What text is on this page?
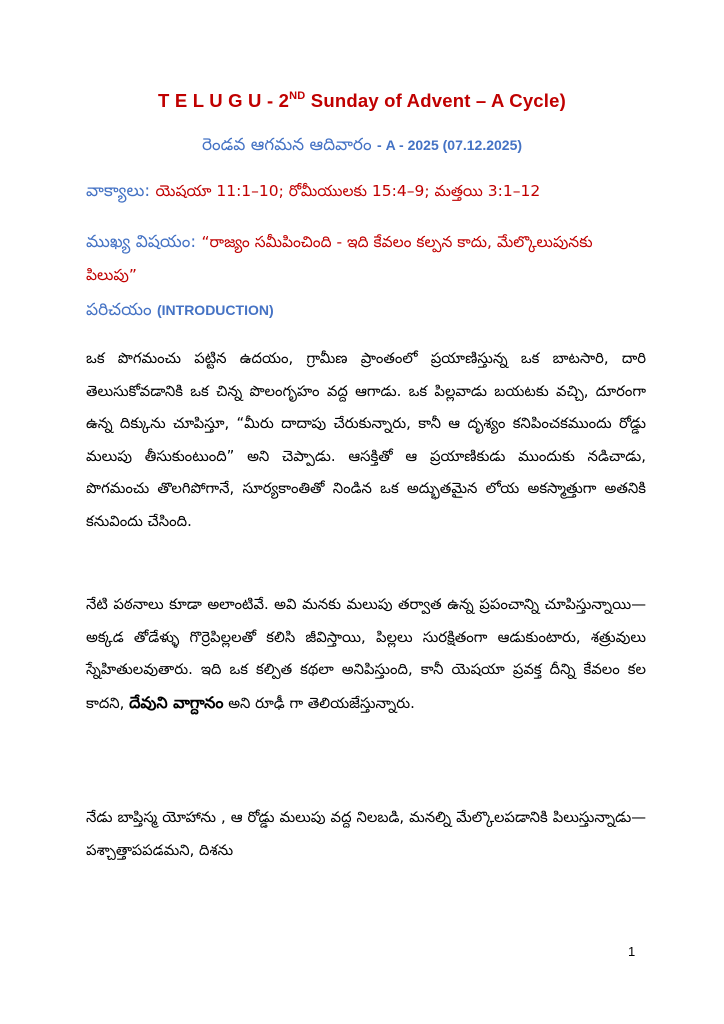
T E L U G U - 2ND Sunday of Advent – A Cycle)
రెండవ ఆగమన ఆదివారం - A - 2025 (07.12.2025)
వాక్యాలు: యెషయా 11:1–10; రోమీయులకు 15:4–9; మత్తయి 3:1–12
ముఖ్య విషయం: “రాజ్యం సమీపించింది - ఇది కేవలం కల్పన కాదు, మేల్కొలుపునకు పిలుపు”
పరిచయం (INTRODUCTION)
ఒక పొగమంచు పట్టిన ఉదయం, గ్రామీణ ప్రాంతంలో ప్రయాణిస్తున్న ఒక బాటసారి, దారి తెలుసుకోవడానికి ఒక చిన్న పొలంగృహం వద్ద ఆగాడు. ఒక పిల్లవాడు బయటకు వచ్చి, దూరంగా ఉన్న దిక్కును చూపిస్తూ, “మీరు దాదాపు చేరుకున్నారు, కానీ ఆ దృశ్యం కనిపించకముందు రోడ్డు మలుపు తీసుకుంటుంది” అని చెప్పాడు. ఆసక్తితో ఆ ప్రయాణికుడు ముందుకు నడిచాడు, పొగమంచు తొలగిపోగానే, సూర్యకాంతితో నిండిన ఒక అద్భుతమైన లోయ అకస్మాత్తుగా అతనికి కనువిందు చేసింది.
నేటి పఠనాలు కూడా అలాంటివే. అవి మనకు మలుపు తర్వాత ఉన్న ప్రపంచాన్ని చూపిస్తున్నాయి—అక్కడ తోడేళ్ళు గొర్రెపిల్లలతో కలిసి జీవిస్తాయి, పిల్లలు సురక్షితంగా ఆడుకుంటారు, శత్రువులు స్నేహితులవుతారు. ఇది ఒక కల్పిత కథలా అనిపిస్తుంది, కానీ యెషయా ప్రవక్త దీన్ని కేవలం కల కాదని, దేవుని వాగ్దానం అని రూఢీ గా తెలియజేస్తున్నారు.
నేడు బాప్తిస్మ యోహాను , ఆ రోడ్డు మలుపు వద్ద నిలబడి, మనల్ని మేల్కొలపడానికి పిలుస్తున్నాడు—పశ్చాత్తాపపడమని, దిశను
1
